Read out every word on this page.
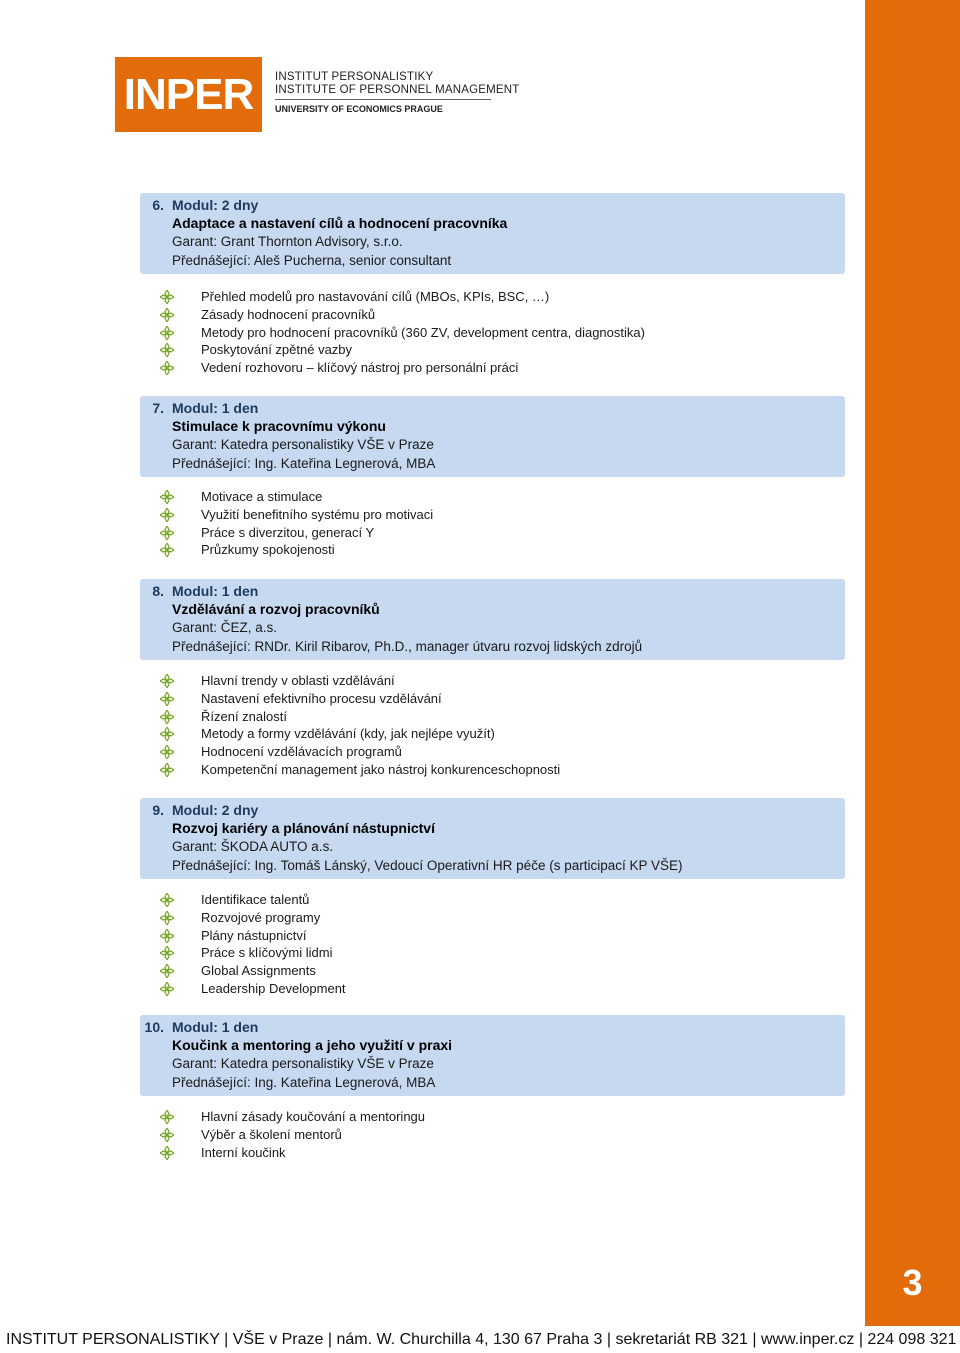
3
INPER	INSTITUT PERSONALISTIKY
INSTITUTE OF PERSONNEL MANAGEMENT
UNIVERSITY OF ECONOMICS PRAGUE
6. Modul: 2 dny
Adaptace a nastavení cílů a hodnocení pracovníka
Garant: Grant Thornton Advisory, s.r.o.
Přednášející: Aleš Pucherna, senior consultant
Přehled modelů pro nastavování cílů (MBOs, KPIs, BSC, …)
Zásady hodnocení pracovníků
Metody pro hodnocení pracovníků (360 ZV, development centra, diagnostika)
Poskytování zpětné vazby
Vedení rozhovoru – klíčový nástroj pro personální práci
7. Modul: 1 den
Stimulace k pracovnímu výkonu
Garant: Katedra personalistiky VŠE v Praze
Přednášející: Ing. Kateřina Legnerová, MBA
Motivace a stimulace
Využití benefitního systému pro motivaci
Práce s diverzitou, generací Y
Průzkumy spokojenosti
8. Modul: 1 den
Vzdělávání a rozvoj pracovníků
Garant: ČEZ, a.s.
Přednášející: RNDr. Kiril Ribarov, Ph.D., manager útvaru rozvoj lidských zdrojů
Hlavní trendy v oblasti vzdělávání
Nastavení efektivního procesu vzdělávání
Řízení znalostí
Metody a formy vzdělávání (kdy, jak nejlépe využít)
Hodnocení vzdělávacích programů
Kompetenční management jako nástroj konkurenceschopnosti
9. Modul: 2 dny
Rozvoj kariéry a plánování nástupnictví
Garant: ŠKODA AUTO a.s.
Přednášející: Ing. Tomáš Lánský, Vedoucí Operativní HR péče (s participací KP VŠE)
Identifikace talentů
Rozvojové programy
Plány nástupnictví
Práce s klíčovými lidmi
Global Assignments
Leadership Development
10. Modul: 1 den
Koučink a mentoring a jeho využití v praxi
Garant: Katedra personalistiky VŠE v Praze
Přednášející: Ing. Kateřina Legnerová, MBA
Hlavní zásady koučování a mentoringu
Výběr a školení mentorů
Interní koučink
INSTITUT PERSONALISTIKY | VŠE v Praze | nám. W. Churchilla 4, 130 67 Praha 3 | sekretariát RB 321 | www.inper.cz | 224 098 321
